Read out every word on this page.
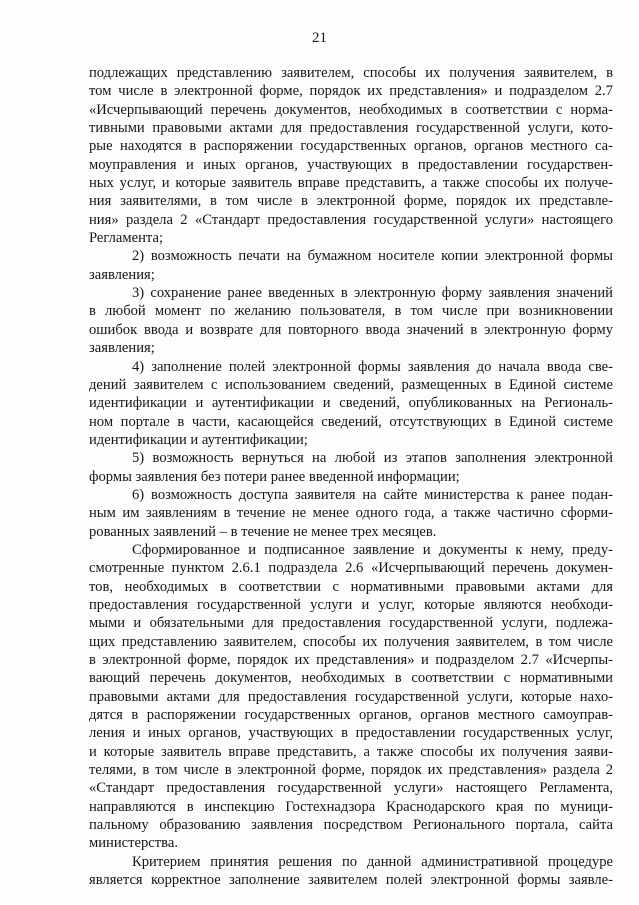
21
подлежащих представлению заявителем, способы их получения заявителем, в
том числе в электронной форме, порядок их представления» и подразделом 2.7
«Исчерпывающий перечень документов, необходимых в соответствии с норма-
тивными правовыми актами для предоставления государственной услуги, кото-
рые находятся в распоряжении государственных органов, органов местного са-
моуправления и иных органов, участвующих в предоставлении государствен-
ных услуг, и которые заявитель вправе представить, а также способы их получе-
ния заявителями, в том числе в электронной форме, порядок их представле-
ния» раздела 2 «Стандарт предоставления государственной услуги» настоящего
Регламента;
2) возможность печати на бумажном носителе копии электронной формы
заявления;
3) сохранение ранее введенных в электронную форму заявления значений
в любой момент по желанию пользователя, в том числе при возникновении
ошибок ввода и возврате для повторного ввода значений в электронную форму
заявления;
4) заполнение полей электронной формы заявления до начала ввода све-
дений заявителем с использованием сведений, размещенных в Единой системе
идентификации и аутентификации и сведений, опубликованных на Региональ-
ном портале в части, касающейся сведений, отсутствующих в Единой системе
идентификации и аутентификации;
5) возможность вернуться на любой из этапов заполнения электронной
формы заявления без потери ранее введенной информации;
6) возможность доступа заявителя на сайте министерства к ранее подан-
ным им заявлениям в течение не менее одного года, а также частично сформи-
рованных заявлений – в течение не менее трех месяцев.
Сформированное и подписанное заявление и документы к нему, преду-
смотренные пунктом 2.6.1 подраздела 2.6 «Исчерпывающий перечень докумен-
тов, необходимых в соответствии с нормативными правовыми актами для
предоставления государственной услуги и услуг, которые являются необходи-
мыми и обязательными для предоставления государственной услуги, подлежа-
щих представлению заявителем, способы их получения заявителем, в том числе
в электронной форме, порядок их представления» и подразделом 2.7 «Исчерпы-
вающий перечень документов, необходимых в соответствии с нормативными
правовыми актами для предоставления государственной услуги, которые нахо-
дятся в распоряжении государственных органов, органов местного самоуправ-
ления и иных органов, участвующих в предоставлении государственных услуг,
и которые заявитель вправе представить, а также способы их получения заяви-
телями, в том числе в электронной форме, порядок их представления» раздела 2
«Стандарт предоставления государственной услуги» настоящего Регламента,
направляются в инспекцию Гостехнадзора Краснодарского края по муници-
пальному образованию заявления посредством Регионального портала, сайта
министерства.
Критерием принятия решения по данной административной процедуре
является корректное заполнение заявителем полей электронной формы заявле-
